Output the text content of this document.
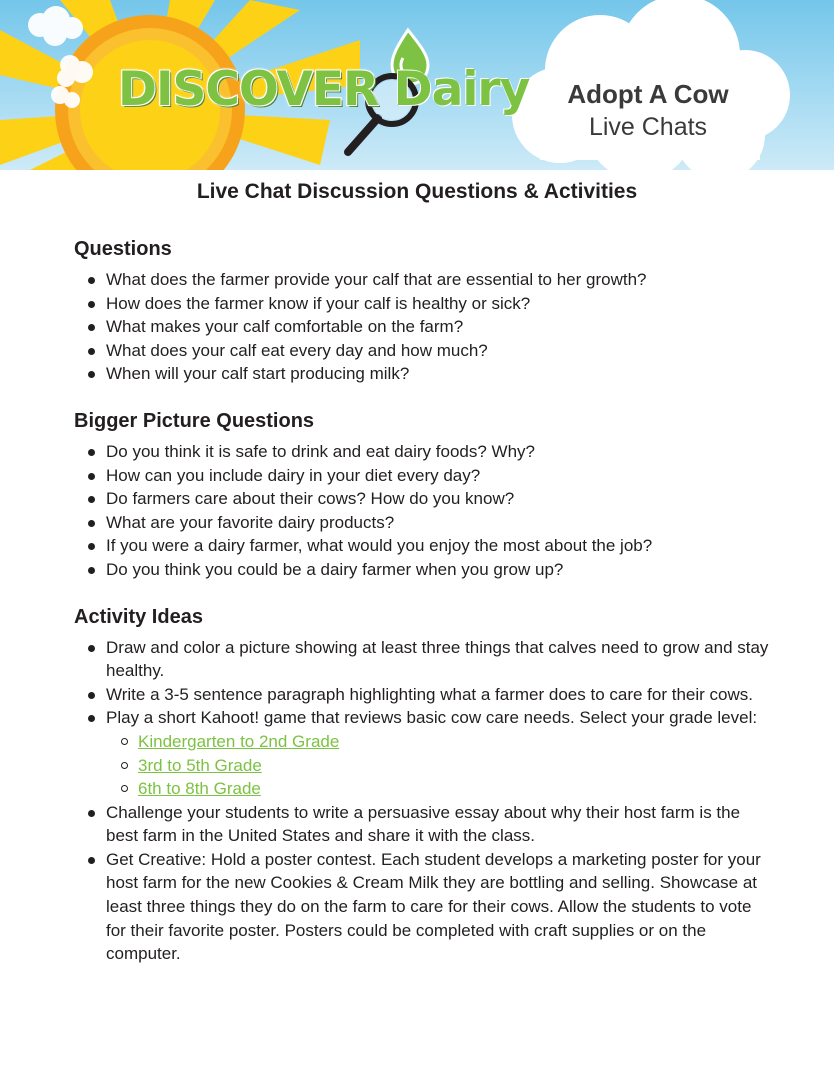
DISCOVER Dairy	Adopt A Cow
Live Chats
Live Chat Discussion Questions & Activities
Questions
What does the farmer provide your calf that are essential to her growth?
How does the farmer know if your calf is healthy or sick?
What makes your calf comfortable on the farm?
What does your calf eat every day and how much?
When will your calf start producing milk?
Bigger Picture Questions
Do you think it is safe to drink and eat dairy foods? Why?
How can you include dairy in your diet every day?
Do farmers care about their cows? How do you know?
What are your favorite dairy products?
If you were a dairy farmer, what would you enjoy the most about the job?
Do you think you could be a dairy farmer when you grow up?
Activity Ideas
Draw and color a picture showing at least three things that calves need to grow and stay healthy.
Write a 3-5 sentence paragraph highlighting what a farmer does to care for their cows.
Play a short Kahoot! game that reviews basic cow care needs. Select your grade level:
Kindergarten to 2nd Grade
3rd to 5th Grade
6th to 8th Grade
Challenge your students to write a persuasive essay about why their host farm is the best farm in the United States and share it with the class.
Get Creative: Hold a poster contest. Each student develops a marketing poster for your host farm for the new Cookies & Cream Milk they are bottling and selling. Showcase at least three things they do on the farm to care for their cows. Allow the students to vote for their favorite poster. Posters could be completed with craft supplies or on the computer.
